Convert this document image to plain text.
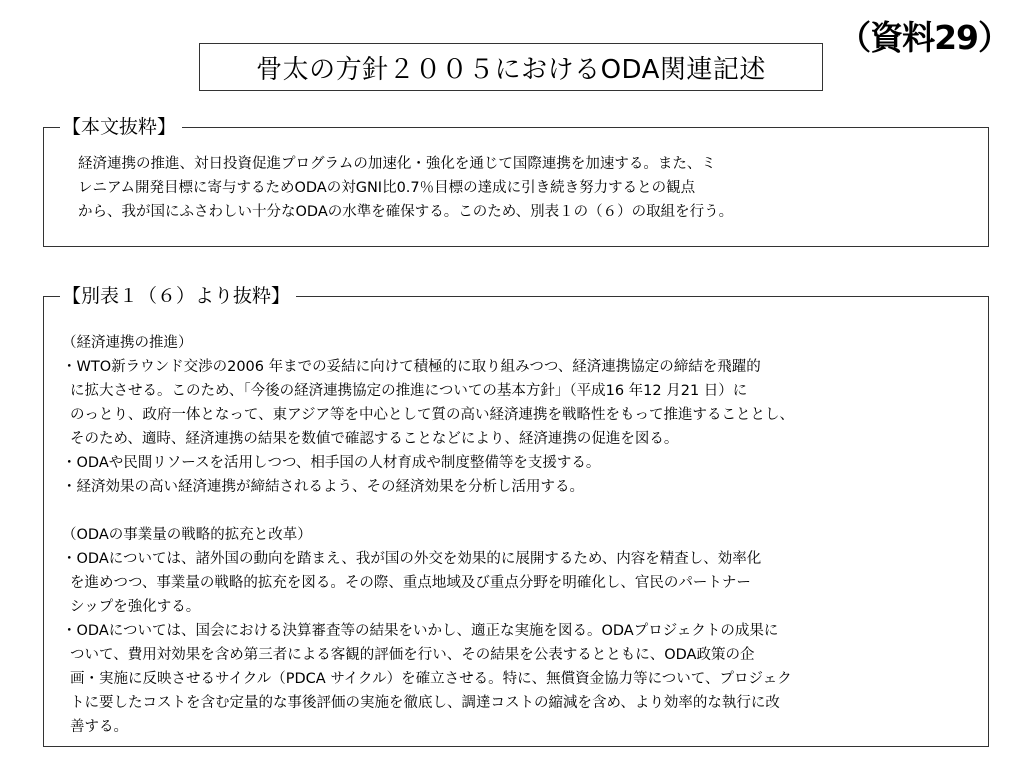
（資料29）
骨太の方針２００５におけるODA関連記述
【本文抜粋】
経済連携の推進、対日投資促進プログラムの加速化・強化を通じて国際連携を加速する。また、ミ
レニアム開発目標に寄与するためODAの対GNI比0.7％目標の達成に引き続き努力するとの観点
から、我が国にふさわしい十分なODAの水準を確保する。このため、別表１の（６）の取組を行う。
【別表１（６）より抜粋】
（経済連携の推進）
・WTO新ラウンド交渉の2006 年までの妥結に向けて積極的に取り組みつつ、経済連携協定の締結を飛躍的
に拡大させる。このため、「今後の経済連携協定の推進についての基本方針」（平成16 年12 月21 日）に
のっとり、政府一体となって、東アジア等を中心として質の高い経済連携を戦略性をもって推進することとし、
そのため、適時、経済連携の結果を数値で確認することなどにより、経済連携の促進を図る。
・ODAや民間リソースを活用しつつ、相手国の人材育成や制度整備等を支援する。
・経済効果の高い経済連携が締結されるよう、その経済効果を分析し活用する。
（ODAの事業量の戦略的拡充と改革）
・ODAについては、諸外国の動向を踏まえ、我が国の外交を効果的に展開するため、内容を精査し、効率化
を進めつつ、事業量の戦略的拡充を図る。その際、重点地域及び重点分野を明確化し、官民のパートナー
シップを強化する。
・ODAについては、国会における決算審査等の結果をいかし、適正な実施を図る。ODAプロジェクトの成果に
ついて、費用対効果を含め第三者による客観的評価を行い、その結果を公表するとともに、ODA政策の企
画・実施に反映させるサイクル（PDCA サイクル）を確立させる。特に、無償資金協力等について、プロジェク
トに要したコストを含む定量的な事後評価の実施を徹底し、調達コストの縮減を含め、より効率的な執行に改
善する。
